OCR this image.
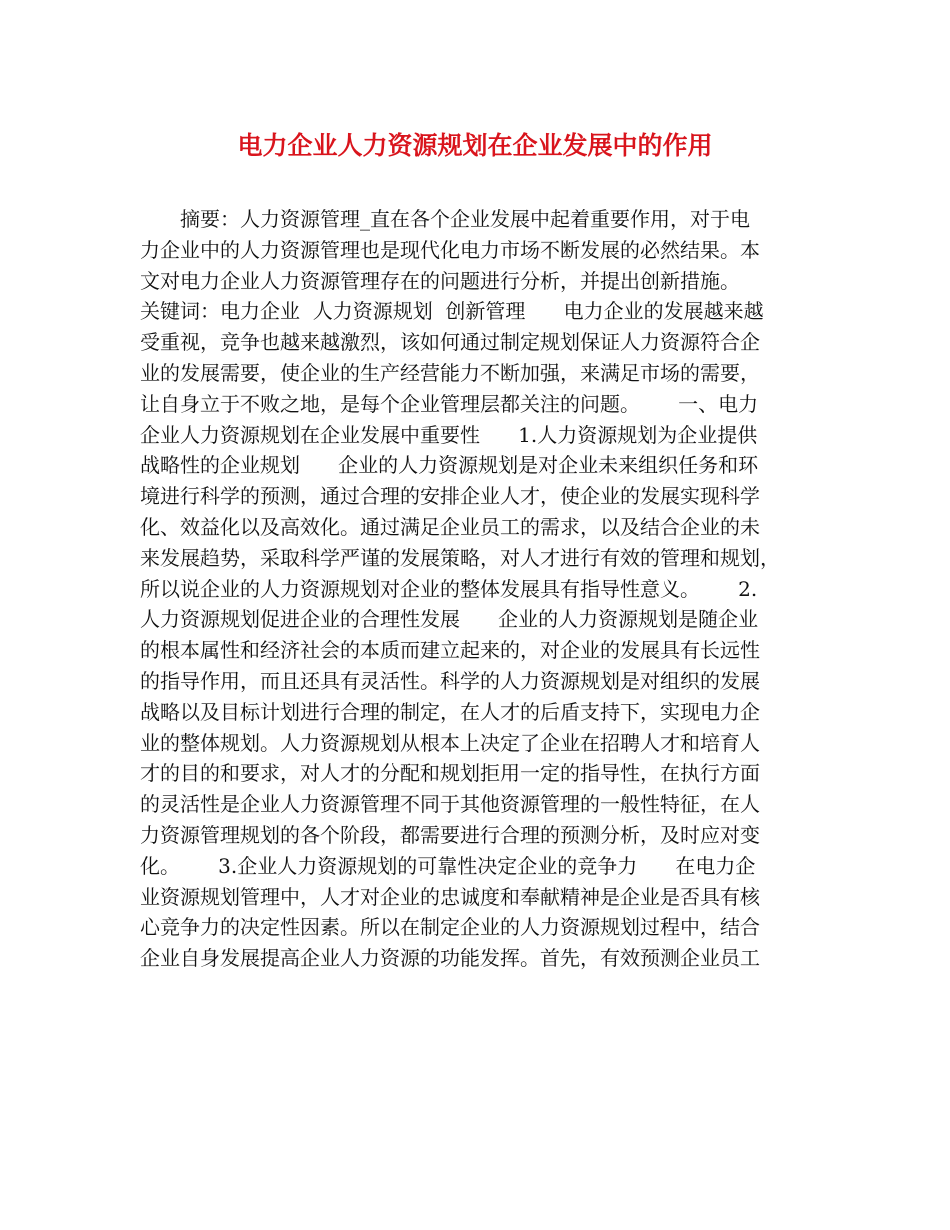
电力企业人力资源规划在企业发展中的作用
　　摘要：人力资源管理_直在各个企业发展中起着重要作用，对于电
力企业中的人力资源管理也是现代化电力市场不断发展的必然结果。本
文对电力企业人力资源管理存在的问题进行分析，并提出创新措施。
关键词：电力企业  人力资源规划  创新管理      电力企业的发展越来越
受重视，竞争也越来越激烈，该如何通过制定规划保证人力资源符合企
业的发展需要，使企业的生产经营能力不断加强，来满足市场的需要，
让自身立于不败之地，是每个企业管理层都关注的问题。      一、电力
企业人力资源规划在企业发展中重要性      1.人力资源规划为企业提供
战略性的企业规划      企业的人力资源规划是对企业未来组织任务和环
境进行科学的预测，通过合理的安排企业人才，使企业的发展实现科学
化、效益化以及高效化。通过满足企业员工的需求，以及结合企业的未
来发展趋势，采取科学严谨的发展策略，对人才进行有效的管理和规划，
所以说企业的人力资源规划对企业的整体发展具有指导性意义。      2.
人力资源规划促进企业的合理性发展      企业的人力资源规划是随企业
的根本属性和经济社会的本质而建立起来的，对企业的发展具有长远性
的指导作用，而且还具有灵活性。科学的人力资源规划是对组织的发展
战略以及目标计划进行合理的制定，在人才的后盾支持下，实现电力企
业的整体规划。人力资源规划从根本上决定了企业在招聘人才和培育人
才的目的和要求，对人才的分配和规划拒用一定的指导性，在执行方面
的灵活性是企业人力资源管理不同于其他资源管理的一般性特征，在人
力资源管理规划的各个阶段，都需要进行合理的预测分析，及时应对变
化。      3.企业人力资源规划的可靠性决定企业的竞争力      在电力企
业资源规划管理中，人才对企业的忠诚度和奉献精神是企业是否具有核
心竞争力的决定性因素。所以在制定企业的人力资源规划过程中，结合
企业自身发展提高企业人力资源的功能发挥。首先，有效预测企业员工
